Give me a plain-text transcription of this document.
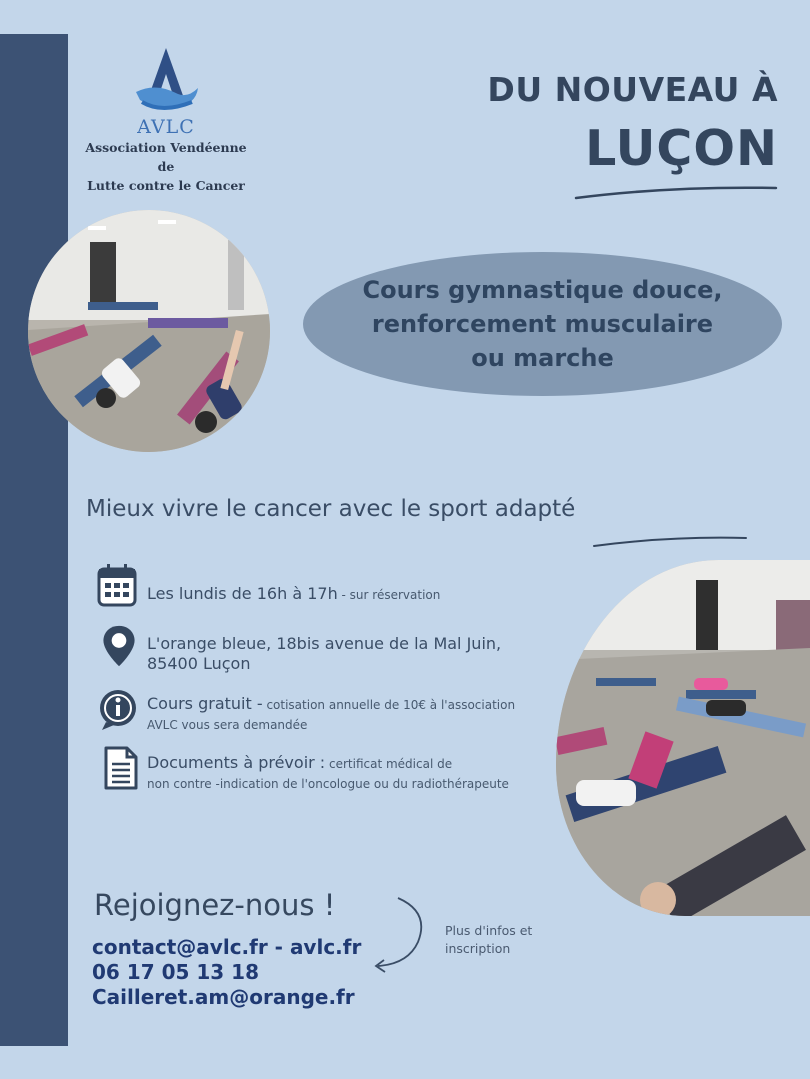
AVLC
Association Vendéenne de
Lutte contre le Cancer
DU NOUVEAU À
LUÇON
Cours gymnastique douce,
renforcement musculaire
ou marche
Mieux vivre le cancer avec le sport adapté
Les lundis de 16h à 17h - sur réservation
L'orange bleue, 18bis avenue de la Mal Juin,
85400 Luçon
Cours gratuit - cotisation annuelle de 10€ à l'association
AVLC vous sera demandée
Documents à prévoir : certificat médical de
non contre -indication de l'oncologue ou du radiothérapeute
Rejoignez-nous !
contact@avlc.fr - avlc.fr
06 17 05 13 18
Cailleret.am@orange.fr
Plus d'infos et
inscription
